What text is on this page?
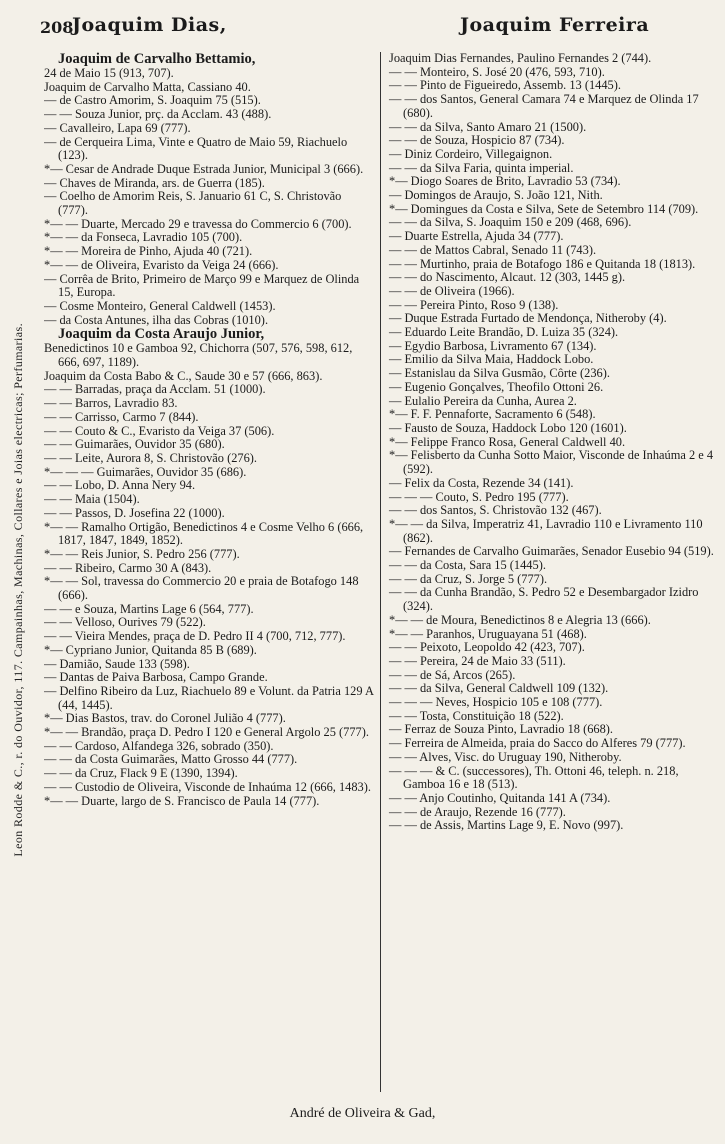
Leon Rodde & C., r. do Ouvidor, 117. Campainhas, Machinas, Collares e Joias electricas; Perfumarias.
208
Joaquim Dias,	Joaquim Ferreira

Joaquim de Carvalho Bettamio,

24 de Maio 15 (913, 707).

Joaquim de Carvalho Matta, Cassiano 40.

— de Castro Amorim, S. Joaquim 75 (515).

— — Souza Junior, prç. da Acclam. 43 (488).

— Cavalleiro, Lapa 69 (777).

— de Cerqueira Lima, Vinte e Quatro de Maio 59, Riachuelo (123).

*— Cesar de Andrade Duque Estrada Junior, Municipal 3 (666).

— Chaves de Miranda, ars. de Guerra (185).

— Coelho de Amorim Reis, S. Januario 61 C, S. Christovão (777).

*— — Duarte, Mercado 29 e travessa do Commercio 6 (700).

*— — da Fonseca, Lavradio 105 (700).

*— — Moreira de Pinho, Ajuda 40 (721).

*— — de Oliveira, Evaristo da Veiga 24 (666).

— Corrêa de Brito, Primeiro de Março 99 e Marquez de Olinda 15, Europa.

— Cosme Monteiro, General Caldwell (1453).

— da Costa Antunes, ilha das Cobras (1010).

Joaquim da Costa Araujo Junior,

Benedictinos 10 e Gamboa 92, Chichorra (507, 576, 598, 612, 666, 697, 1189).

Joaquim da Costa Babo & C., Saude 30 e 57 (666, 863).

— — Barradas, praça da Acclam. 51 (1000).

— — Barros, Lavradio 83.

— — Carrisso, Carmo 7 (844).

— — Couto & C., Evaristo da Veiga 37 (506).

— — Guimarães, Ouvidor 35 (680).

— — Leite, Aurora 8, S. Christovão (276).

*— — — Guimarães, Ouvidor 35 (686).

— — Lobo, D. Anna Nery 94.

— — Maia (1504).

— — Passos, D. Josefina 22 (1000).

*— — Ramalho Ortigão, Benedictinos 4 e Cosme Velho 6 (666, 1817, 1847, 1849, 1852).

*— — Reis Junior, S. Pedro 256 (777).

— — Ribeiro, Carmo 30 A (843).

*— — Sol, travessa do Commercio 20 e praia de Botafogo 148 (666).

— — e Souza, Martins Lage 6 (564, 777).

— — Velloso, Ourives 79 (522).

— — Vieira Mendes, praça de D. Pedro II 4 (700, 712, 777).

*— Cypriano Junior, Quitanda 85 B (689).

— Damião, Saude 133 (598).

— Dantas de Paiva Barbosa, Campo Grande.

— Delfino Ribeiro da Luz, Riachuelo 89 e Volunt. da Patria 129 A (44, 1445).

*— Dias Bastos, trav. do Coronel Julião 4 (777).

*— — Brandão, praça D. Pedro I 120 e General Argolo 25 (777).

— — Cardoso, Alfandega 326, sobrado (350).

— — da Costa Guimarães, Matto Grosso 44 (777).

— — da Cruz, Flack 9 E (1390, 1394).

— — Custodio de Oliveira, Visconde de Inhaúma 12 (666, 1483).

*— — Duarte, largo de S. Francisco de Paula 14 (777).

Joaquim Dias Fernandes, Paulino Fernandes 2 (744).

— — Monteiro, S. José 20 (476, 593, 710).

— — Pinto de Figueiredo, Assemb. 13 (1445).

— — dos Santos, General Camara 74 e Marquez de Olinda 17 (680).

— — da Silva, Santo Amaro 21 (1500).

— — de Souza, Hospicio 87 (734).

— Diniz Cordeiro, Villegaignon.

— — da Silva Faria, quinta imperial.

*— Diogo Soares de Brito, Lavradio 53 (734).

— Domingos de Araujo, S. João 121, Nith.

*— Domingues da Costa e Silva, Sete de Setembro 114 (709).

— — da Silva, S. Joaquim 150 e 209 (468, 696).

— Duarte Estrella, Ajuda 34 (777).

— — de Mattos Cabral, Senado 11 (743).

— — Murtinho, praia de Botafogo 186 e Quitanda 18 (1813).

— — do Nascimento, Alcaut. 12 (303, 1445 g).

— — de Oliveira (1966).

— — Pereira Pinto, Roso 9 (138).

— Duque Estrada Furtado de Mendonça, Nitheroby (4).

— Eduardo Leite Brandão, D. Luiza 35 (324).

— Egydio Barbosa, Livramento 67 (134).

— Emilio da Silva Maia, Haddock Lobo.

— Estanislau da Silva Gusmão, Côrte (236).

— Eugenio Gonçalves, Theofilo Ottoni 26.

— Eulalio Pereira da Cunha, Aurea 2.

*— F. F. Pennaforte, Sacramento 6 (548).

— Fausto de Souza, Haddock Lobo 120 (1601).

*— Felippe Franco Rosa, General Caldwell 40.

*— Felisberto da Cunha Sotto Maior, Visconde de Inhaúma 2 e 4 (592).

— Felix da Costa, Rezende 34 (141).

— — — Couto, S. Pedro 195 (777).

— — dos Santos, S. Christovão 132 (467).

*— — da Silva, Imperatriz 41, Lavradio 110 e Livramento 110 (862).

— Fernandes de Carvalho Guimarães, Senador Eusebio 94 (519).

— — da Costa, Sara 15 (1445).

— — da Cruz, S. Jorge 5 (777).

— — da Cunha Brandão, S. Pedro 52 e Desembargador Izidro (324).

*— — de Moura, Benedictinos 8 e Alegria 13 (666).

*— — Paranhos, Uruguayana 51 (468).

— — Peixoto, Leopoldo 42 (423, 707).

— — Pereira, 24 de Maio 33 (511).

— — de Sá, Arcos (265).

— — da Silva, General Caldwell 109 (132).

— — — Neves, Hospicio 105 e 108 (777).

— — Tosta, Constituição 18 (522).

— Ferraz de Souza Pinto, Lavradio 18 (668).

— Ferreira de Almeida, praia do Sacco do Alferes 79 (777).

— — Alves, Visc. do Uruguay 190, Nitheroby.

— — — & C. (successores), Th. Ottoni 46, teleph. n. 218, Gamboa 16 e 18 (513).

— — Anjo Coutinho, Quitanda 141 A (734).

— — de Araujo, Rezende 16 (777).

— — de Assis, Martins Lage 9, E. Novo (997).

André de Oliveira & Gad,
